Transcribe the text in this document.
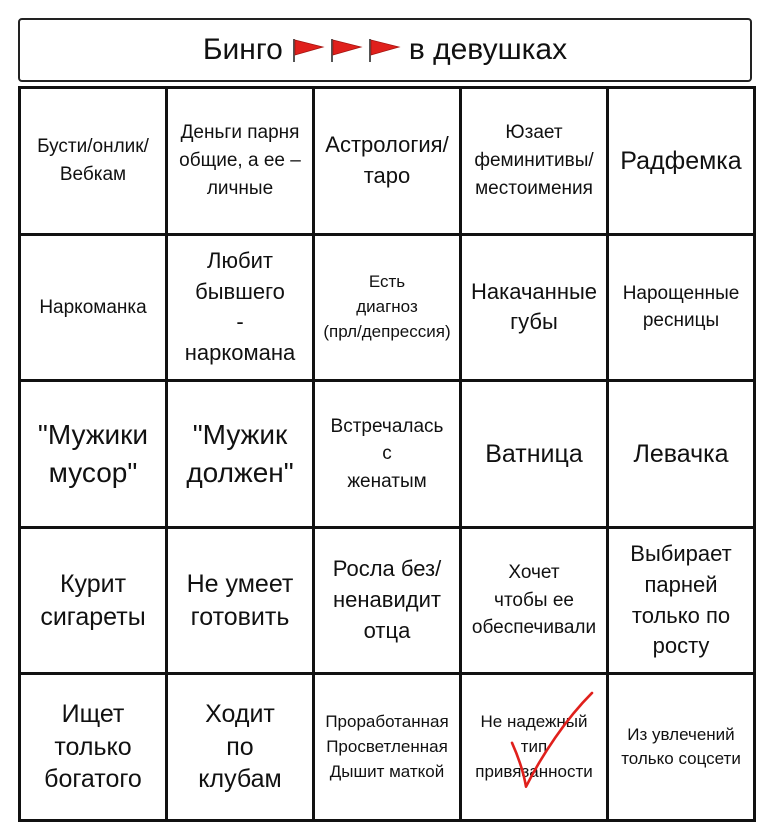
Бинго	в девушках
Бусти/онлик/
Вебкам
Деньги парня
общие, а ее –
личные
Астрология/
таро
Юзает
феминитивы/
местоимения
Радфемка
Наркоманка
Любит
бывшего
-
наркомана
Есть
диагноз
(прл/депрессия)
Накачанные
губы
Нарощенные
ресницы
"Мужики
мусор"
"Мужик
должен"
Встречалась
с
женатым
Ватница Левачка
Курит
сигареты
Не умеет
готовить
Росла без/
ненавидит
отца
Хочет
чтобы ее
обеспечивали
Выбирает
парней
только по
росту
Ищет
только
богатого
Ходит
по
клубам
Проработанная
Просветленная
Дышит маткой
Не надежный
тип
привязанности
Из увлечений
только соцсети
